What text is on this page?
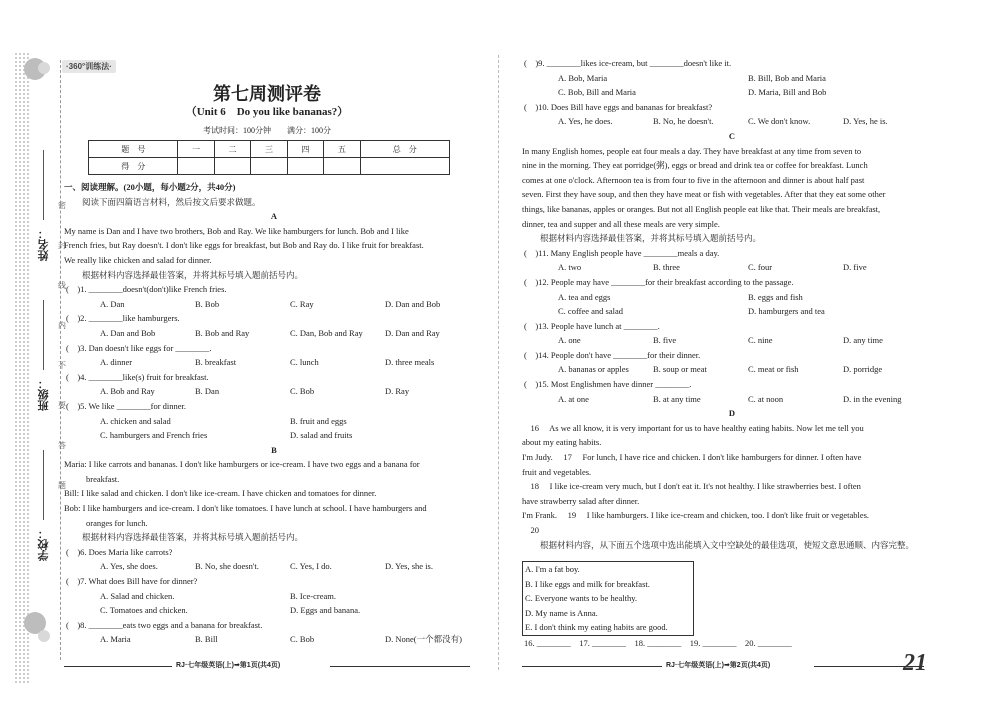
姓名：
班级：
学校：
密
封
线
内
不
要
答
题
·360°训练法·
第七周测评卷
（Unit 6　Do you like bananas?）
考试时间：100分钟　　满分：100分
题　号	一	二	三	四	五	总　分
得　分						
一、阅读理解。(20小题，每小题2分，共40分)
阅读下面四篇语言材料，然后按文后要求做题。
A
My name is Dan and I have two brothers, Bob and Ray. We like hamburgers for lunch. Bob and I like
French fries, but Ray doesn't. I don't like eggs for breakfast, but Bob and Ray do. I like fruit for breakfast.
We really like chicken and salad for dinner.
根据材料内容选择最佳答案，并将其标号填入题前括号内。
(　)1. ________doesn't(don't)like French fries.
A. Dan	B. Bob	C. Ray	D. Dan and Bob
(　)2. ________like hamburgers.
A. Dan and Bob	B. Bob and Ray	C. Dan, Bob and Ray	D. Dan and Ray
(　)3. Dan doesn't like eggs for ________.
A. dinner	B. breakfast	C. lunch	D. three meals
(　)4. ________like(s) fruit for breakfast.
A. Bob and Ray	B. Dan	C. Bob	D. Ray
(　)5. We like ________for dinner.
A. chicken and salad	B. fruit and eggs
C. hamburgers and French fries	D. salad and fruits
B
Maria: I like carrots and bananas. I don't like hamburgers or ice-cream. I have two eggs and a banana for
breakfast.
Bill: I like salad and chicken. I don't like ice-cream. I have chicken and tomatoes for dinner.
Bob: I like hamburgers and ice-cream. I don't like tomatoes. I have lunch at school. I have hamburgers and
oranges for lunch.
根据材料内容选择最佳答案，并将其标号填入题前括号内。
(　)6. Does Maria like carrots?
A. Yes, she does.	B. No, she doesn't.	C. Yes, I do.	D. Yes, she is.
(　)7. What does Bill have for dinner?
A. Salad and chicken.	B. Ice-cream.
C. Tomatoes and chicken.	D. Eggs and banana.
(　)8. ________eats two eggs and a banana for breakfast.
A. Maria	B. Bill	C. Bob	D. None(一个都没有)
(　)9. ________likes ice-cream, but ________doesn't like it.
A. Bob, Maria	B. Bill, Bob and Maria
C. Bob, Bill and Maria	D. Maria, Bill and Bob
(　)10. Does Bill have eggs and bananas for breakfast?
A. Yes, he does.	B. No, he doesn't.	C. We don't know.	D. Yes, he is.
C
In many English homes, people eat four meals a day. They have breakfast at any time from seven to
nine in the morning. They eat porridge(粥), eggs or bread and drink tea or coffee for breakfast. Lunch
comes at one o'clock. Afternoon tea is from four to five in the afternoon and dinner is about half past
seven. First they have soup, and then they have meat or fish with vegetables. After that they eat some other
things, like bananas, apples or oranges. But not all English people eat like that. Their meals are breakfast,
dinner, tea and supper and all these meals are very simple.
根据材料内容选择最佳答案，并将其标号填入题前括号内。
(　)11. Many English people have ________meals a day.
A. two	B. three	C. four	D. five
(　)12. People may have ________for their breakfast according to the passage.
A. tea and eggs	B. eggs and fish
C. coffee and salad	D. hamburgers and tea
(　)13. People have lunch at ________.
A. one	B. five	C. nine	D. any time
(　)14. People don't have ________for their dinner.
A. bananas or apples	B. soup or meat	C. meat or fish	D. porridge
(　)15. Most Englishmen have dinner ________.
A. at one	B. at any time	C. at noon	D. in the evening
D
　16　 As we all know, it is very important for us to have healthy eating habits. Now let me tell you
about my eating habits.
I'm Judy. 　17　 For lunch, I have rice and chicken. I don't like hamburgers for dinner. I often have
fruit and vegetables.
　18　 I like ice-cream very much, but I don't eat it. It's not healthy. I like strawberries best. I often
have strawberry salad after dinner.
I'm Frank. 　19　 I like hamburgers. I like ice-cream and chicken, too. I don't like fruit or vegetables.
　20　
根据材料内容，从下面五个选项中选出能填入文中空缺处的最佳选项，使短文意思通顺、内容完整。
A. I'm a fat boy.
B. I like eggs and milk for breakfast.
C. Everyone wants to be healthy.
D. My name is Anna.
E. I don't think my eating habits are good.
16. ________　17. ________　18. ________　19. ________　20. ________
RJ·七年级英语(上)➡第1页(共4页)	RJ·七年级英语(上)➡第2页(共4页)	21
